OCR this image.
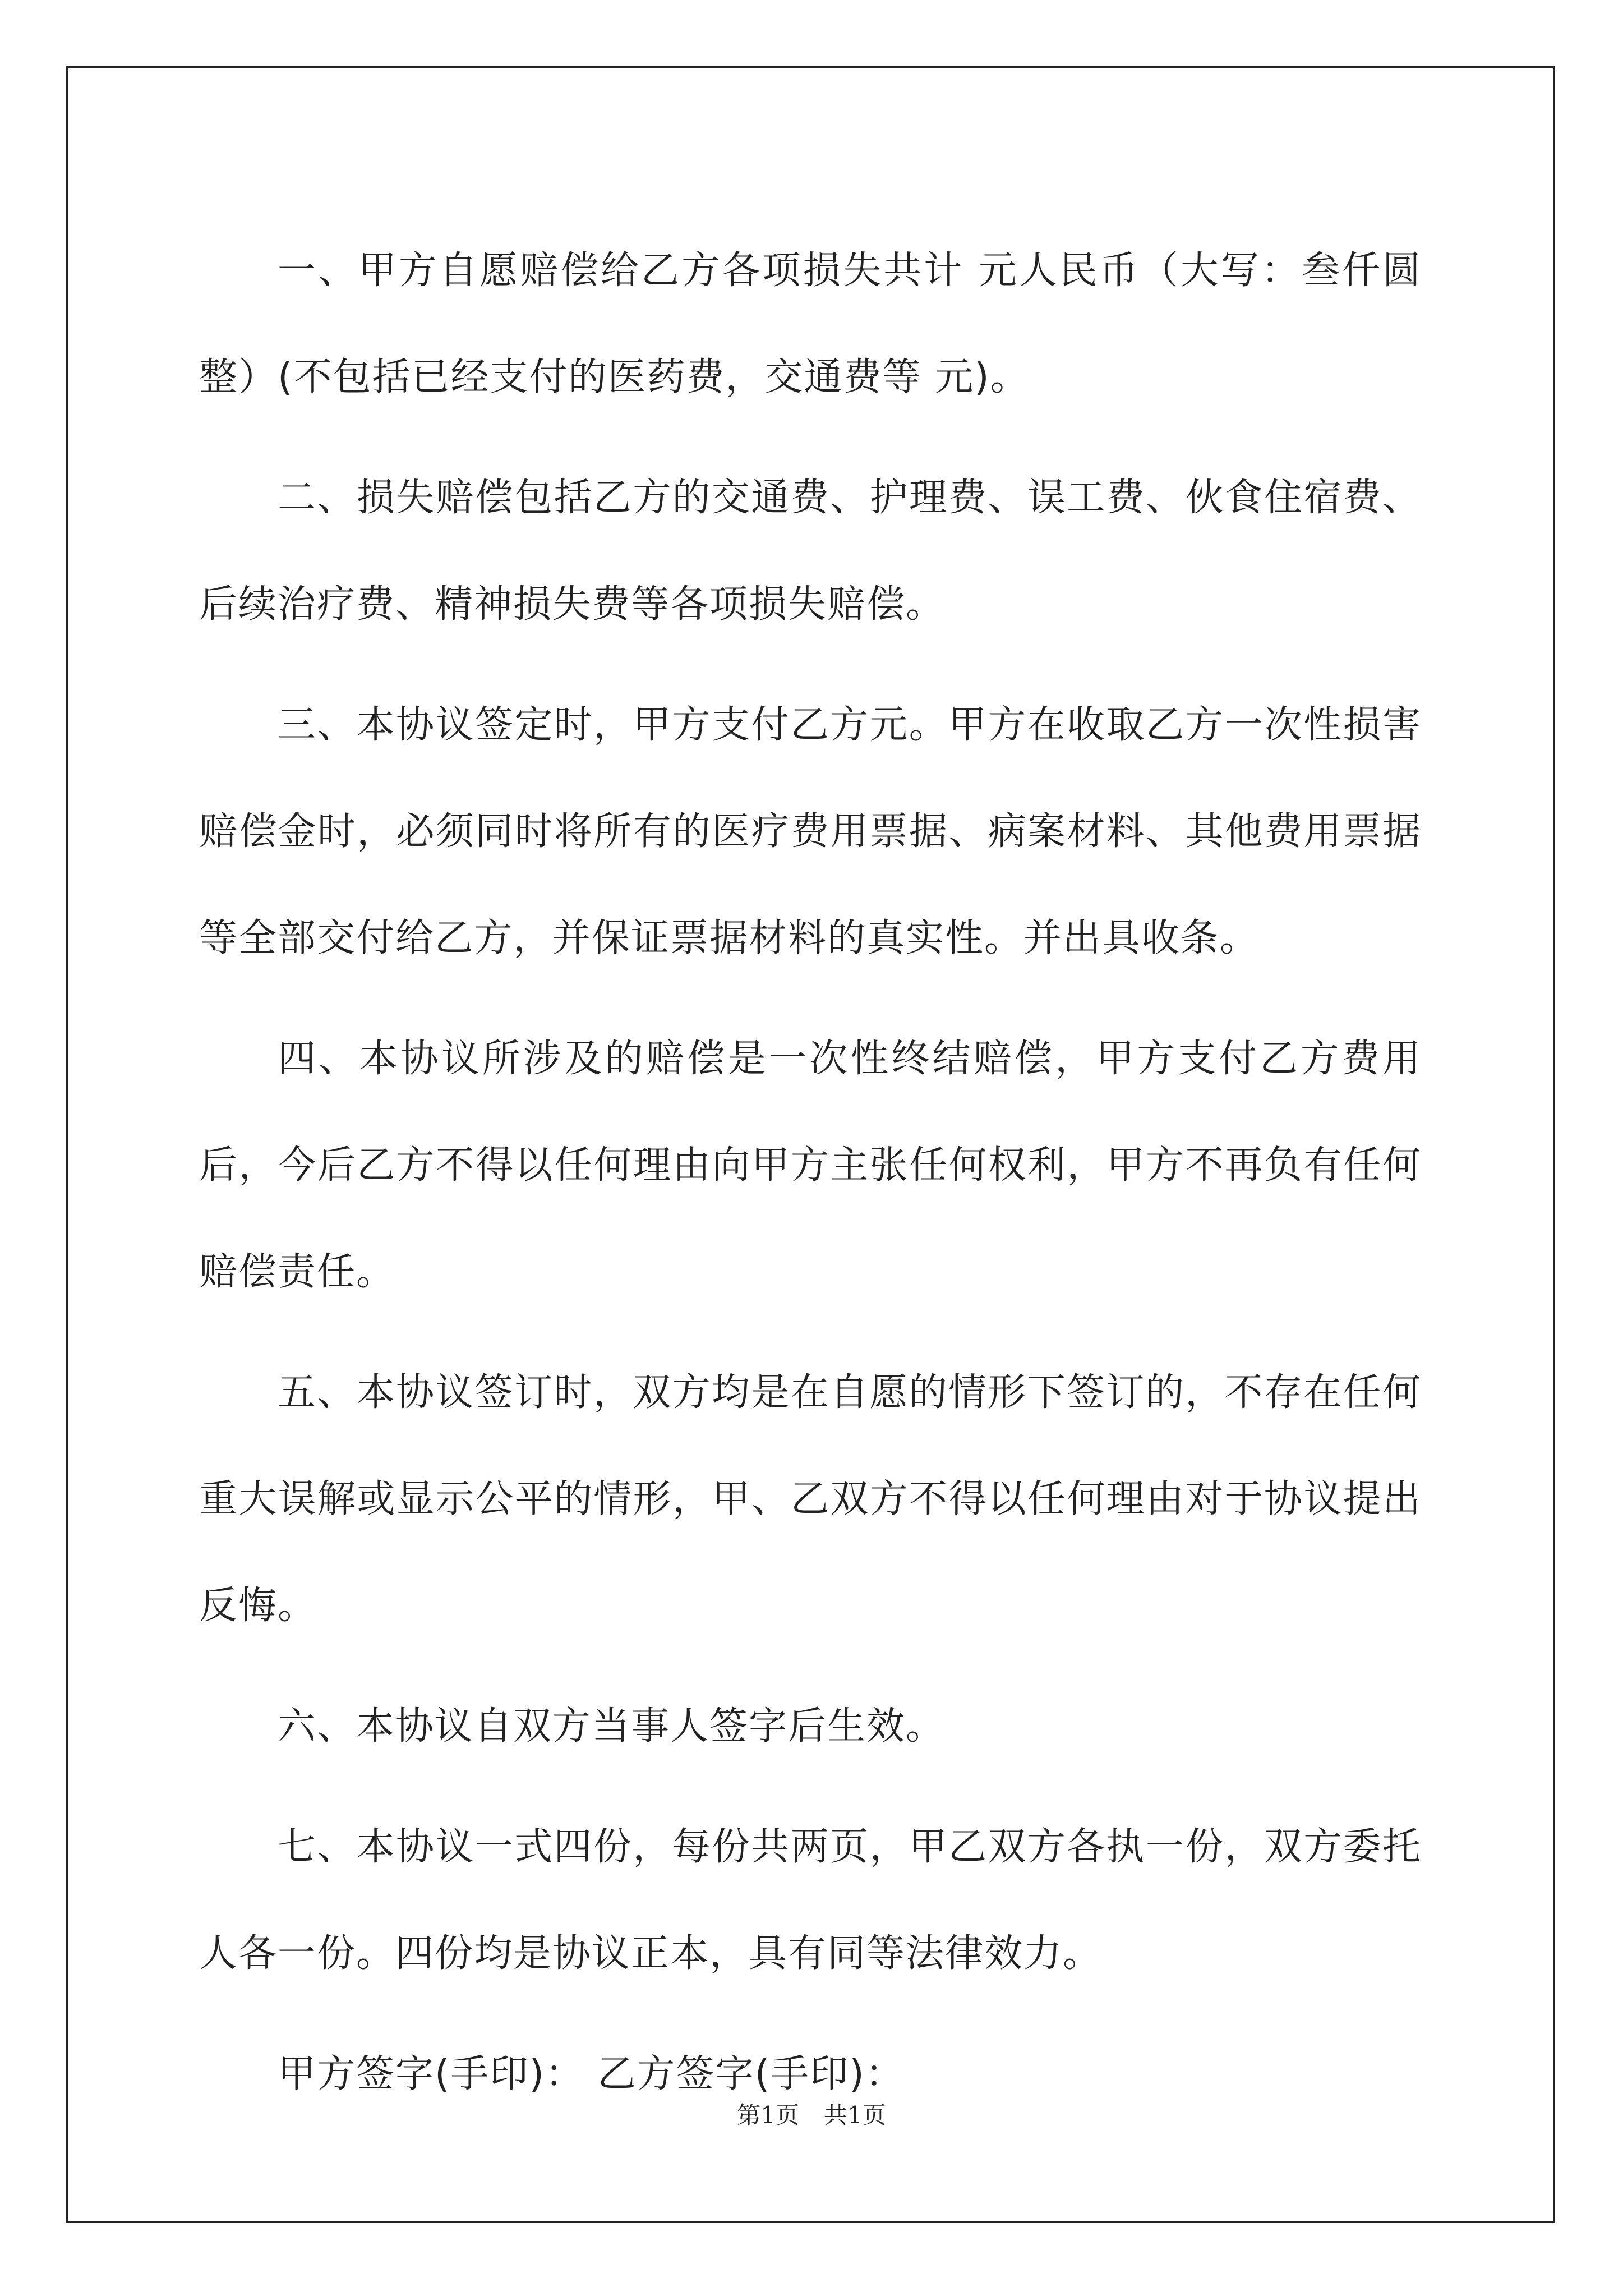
一、甲方自愿赔偿给乙方各项损失共计 元人民币（大写：叁仟圆整）(不包括已经支付的医药费，交通费等 元)。

二、损失赔偿包括乙方的交通费、护理费、误工费、伙食住宿费、后续治疗费、精神损失费等各项损失赔偿。

三、本协议签定时，甲方支付乙方元。甲方在收取乙方一次性损害赔偿金时，必须同时将所有的医疗费用票据、病案材料、其他费用票据等全部交付给乙方，并保证票据材料的真实性。并出具收条。

四、本协议所涉及的赔偿是一次性终结赔偿，甲方支付乙方费用后，今后乙方不得以任何理由向甲方主张任何权利，甲方不再负有任何赔偿责任。

五、本协议签订时，双方均是在自愿的情形下签订的，不存在任何重大误解或显示公平的情形，甲、乙双方不得以任何理由对于协议提出反悔。

六、本协议自双方当事人签字后生效。

七、本协议一式四份，每份共两页，甲乙双方各执一份，双方委托人各一份。四份均是协议正本，具有同等法律效力。

甲方签字(手印)： 乙方签字(手印)：

第1页 共1页
